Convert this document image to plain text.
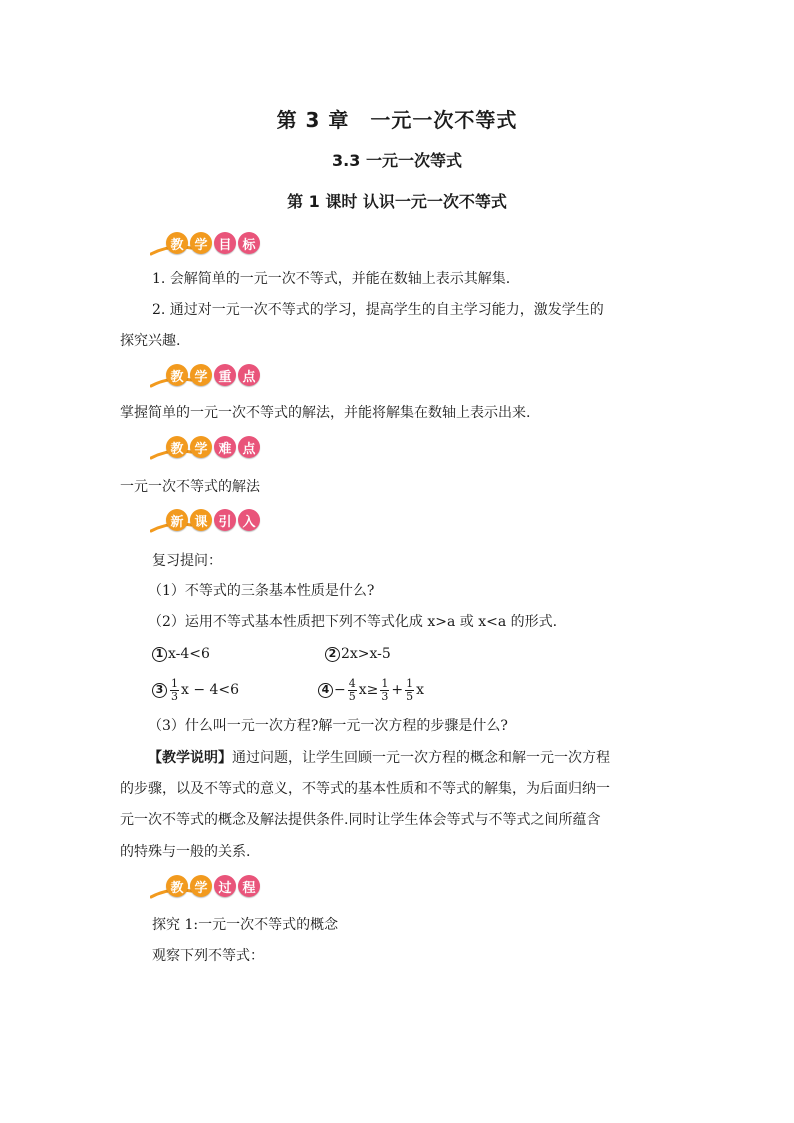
第 3 章　一元一次不等式
3.3 一元一次等式
第 1 课时 认识一元一次不等式
教 学 目 标
1. 会解简单的一元一次不等式，并能在数轴上表示其解集.
2. 通过对一元一次不等式的学习，提高学生的自主学习能力，激发学生的
探究兴趣.
教 学 重 点
掌握简单的一元一次不等式的解法，并能将解集在数轴上表示出来.
教 学 难 点
一元一次不等式的解法
新 课 引 入
复习提问：
（1）不等式的三条基本性质是什么?
（2）运用不等式基本性质把下列不等式化成 x>a 或 x<a 的形式.
1 x-4<6	2 2x>x-5
$3 \frac{1}{3}$ x − 4<6	$4 - \frac{4}{5} x\ge \frac{1}{3} + \frac{1}{5}$ x
（3）什么叫一元一次方程?解一元一次方程的步骤是什么?
【教学说明】通过问题，让学生回顾一元一次方程的概念和解一元一次方程
的步骤，以及不等式的意义，不等式的基本性质和不等式的解集，为后面归纳一
元一次不等式的概念及解法提供条件.同时让学生体会等式与不等式之间所蕴含
的特殊与一般的关系.
教 学 过 程
探究 1:一元一次不等式的概念
观察下列不等式：
